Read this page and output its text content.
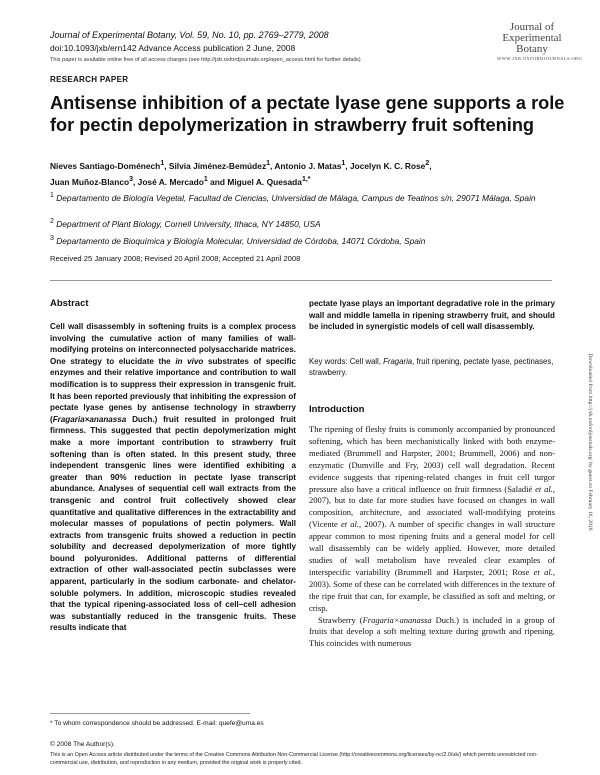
Journal of Experimental Botany, Vol. 59, No. 10, pp. 2769–2779, 2008
doi:10.1093/jxb/ern142 Advance Access publication 2 June, 2008
This paper is available online free of all access charges (see http://jxb.oxfordjournals.org/open_access.html for further details)
Journal of
Experimental
Botany
WWW.JXB.OXFORDJOURNALS.ORG
RESEARCH PAPER
Antisense inhibition of a pectate lyase gene supports a role for pectin depolymerization in strawberry fruit softening
Nieves Santiago-Doménech$^1$, Silvia Jiménez-Bemúdez$^1$, Antonio J. Matas$^1$, Jocelyn K. C. Rose$^2$,
Juan Muñoz-Blanco$^3$, José A. Mercado$^1$ and Miguel A. Quesada$^{1,*}$
$^1$ Departamento de Biología Vegetal, Facultad de Ciencias, Universidad de Málaga, Campus de Teatinos s/n, 29071 Málaga, Spain
$^2$ Department of Plant Biology, Cornell University, Ithaca, NY 14850, USA
$^3$ Departamento de Bioquímica y Biología Molecular, Universidad de Córdoba, 14071 Córdoba, Spain
Received 25 January 2008; Revised 20 April 2008; Accepted 21 April 2008
Downloaded from http://jxb.oxfordjournals.org/ by guest on February 16, 2016
Abstract
Cell wall disassembly in softening fruits is a complex process involving the cumulative action of many families of wall-modifying proteins on interconnected polysaccharide matrices. One strategy to elucidate the in vivo substrates of specific enzymes and their relative importance and contribution to wall modification is to suppress their expression in transgenic fruit. It has been reported previously that inhibiting the expression of pectate lyase genes by antisense technology in strawberry (Fragaria×ananassa Duch.) fruit resulted in prolonged fruit firmness. This suggested that pectin depolymerization might make a more important contribution to strawberry fruit softening than is often stated. In this present study, three independent transgenic lines were identified exhibiting a greater than 90% reduction in pectate lyase transcript abundance. Analyses of sequential cell wall extracts from the transgenic and control fruit collectively showed clear quantitative and qualitative differences in the extractability and molecular masses of populations of pectin polymers. Wall extracts from transgenic fruits showed a reduction in pectin solubility and decreased depolymerization of more tightly bound polyuronides. Additional patterns of differential extraction of other wall-associated pectin subclasses were apparent, particularly in the sodium carbonate- and chelator-soluble polymers. In addition, microscopic studies revealed that the typical ripening-associated loss of cell–cell adhesion was substantially reduced in the transgenic fruits. These results indicate that
pectate lyase plays an important degradative role in the primary wall and middle lamella in ripening strawberry fruit, and should be included in synergistic models of cell wall disassembly.
Key words: Cell wall, Fragaria, fruit ripening, pectate lyase, pectinases, strawberry.
Introduction

The ripening of fleshy fruits is commonly accompanied by pronounced softening, which has been mechanistically linked with both enzyme-mediated (Brummell and Harpster, 2001; Brummell, 2006) and non-enzymatic (Dumville and Fry, 2003) cell wall degradation. Recent evidence suggests that ripening-related changes in fruit cell turgor pressure also have a critical influence on fruit firmness (Saladié et al., 2007), but to date far more studies have focused on changes in wall composition, architecture, and associated wall-modifying proteins (Vicente et al., 2007). A number of specific changes in wall structure appear common to most ripening fruits and a general model for cell wall disassembly can be widely applied. However, more detailed studies of wall metabolism have revealed clear examples of interspecific variability (Brummell and Harpster, 2001; Rose et al., 2003). Some of these can be correlated with differences in the texture of the ripe fruit that can, for example, be classified as soft and melting, or crisp.

Strawberry (Fragaria×ananassa Duch.) is included in a group of fruits that develop a soft melting texture during growth and ripening. This coincides with numerous

* To whom correspondence should be addressed. E-mail: quefe@uma.es
© 2008 The Author(s).
This is an Open Access article distributed under the terms of the Creative Commons Attribution Non-Commercial License (http://creativecommons.org/licenses/by-nc/2.0/uk/) which permits unrestricted non-commercial use, distribution, and reproduction in any medium, provided the original work is properly cited.
